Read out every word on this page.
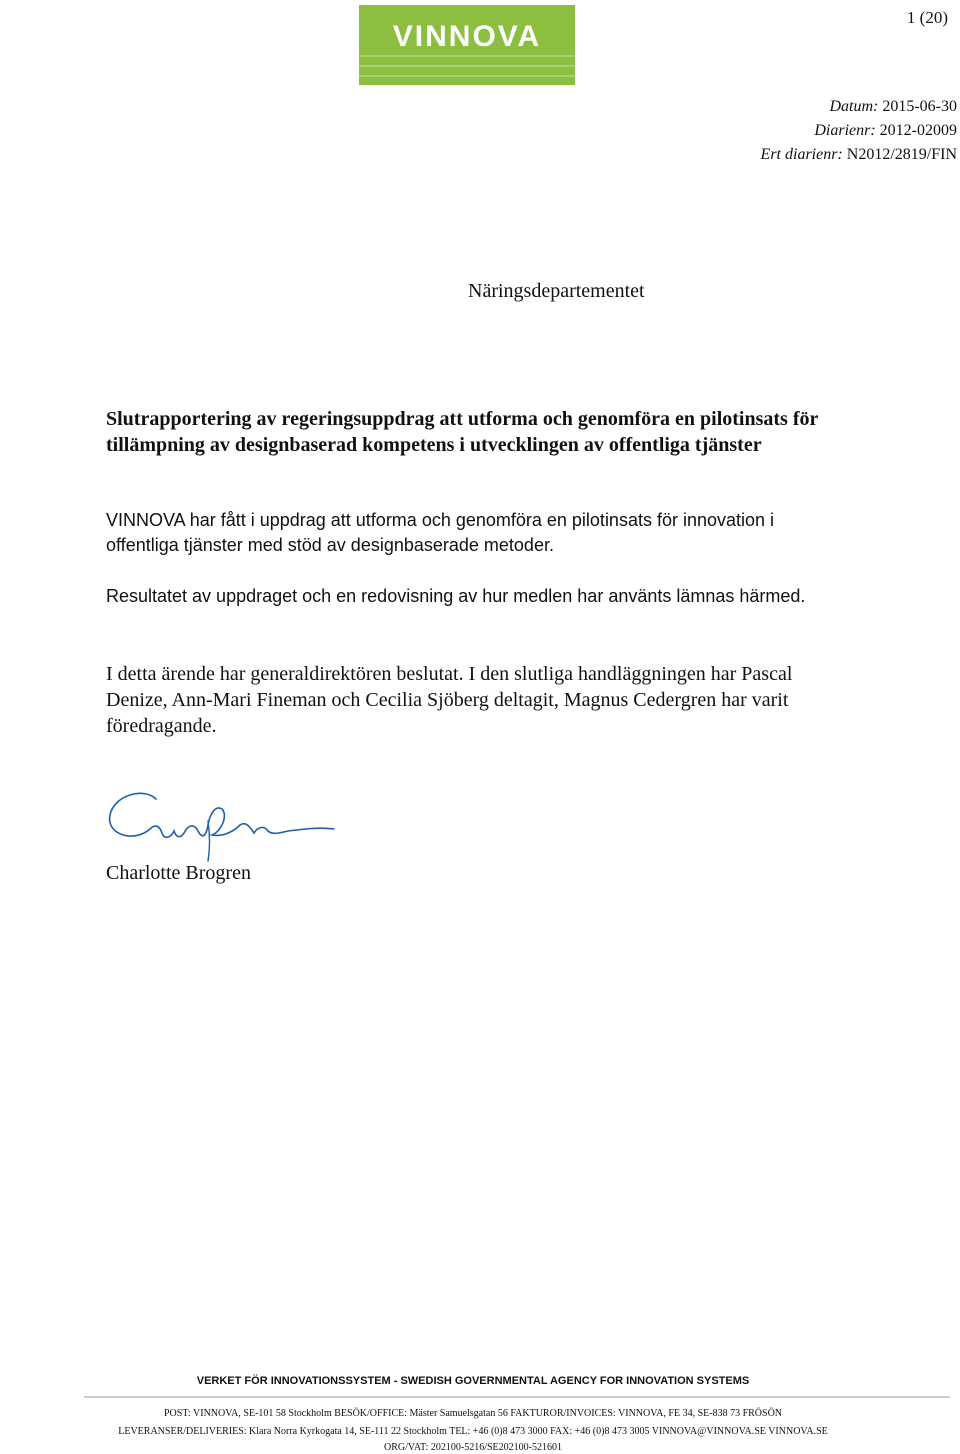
1 (20)
VINNOVA
Datum: 2015-06-30
Diarienr: 2012-02009
Ert diarienr: N2012/2819/FIN
Näringsdepartementet
Slutrapportering av regeringsuppdrag att utforma och genomföra en pilotinsats för tillämpning av designbaserad kompetens i utvecklingen av offentliga tjänster
VINNOVA har fått i uppdrag att utforma och genomföra en pilotinsats för innovation i offentliga tjänster med stöd av designbaserade metoder.
Resultatet av uppdraget och en redovisning av hur medlen har använts lämnas härmed.
I detta ärende har generaldirektören beslutat. I den slutliga handläggningen har Pascal Denize, Ann-Mari Fineman och Cecilia Sjöberg deltagit, Magnus Cedergren har varit föredragande.
Charlotte Brogren
VERKET FÖR INNOVATIONSSYSTEM - SWEDISH GOVERNMENTAL AGENCY FOR INNOVATION SYSTEMS
POST: VINNOVA, SE-101 58 Stockholm BESÖK/OFFICE: Mäster Samuelsgatan 56 FAKTUROR/INVOICES: VINNOVA, FE 34, SE-838 73 FRÖSÖN
LEVERANSER/DELIVERIES: Klara Norra Kyrkogata 14, SE-111 22 Stockholm TEL: +46 (0)8 473 3000 FAX: +46 (0)8 473 3005 VINNOVA@VINNOVA.SE VINNOVA.SE
ORG/VAT: 202100-5216/SE202100-521601
